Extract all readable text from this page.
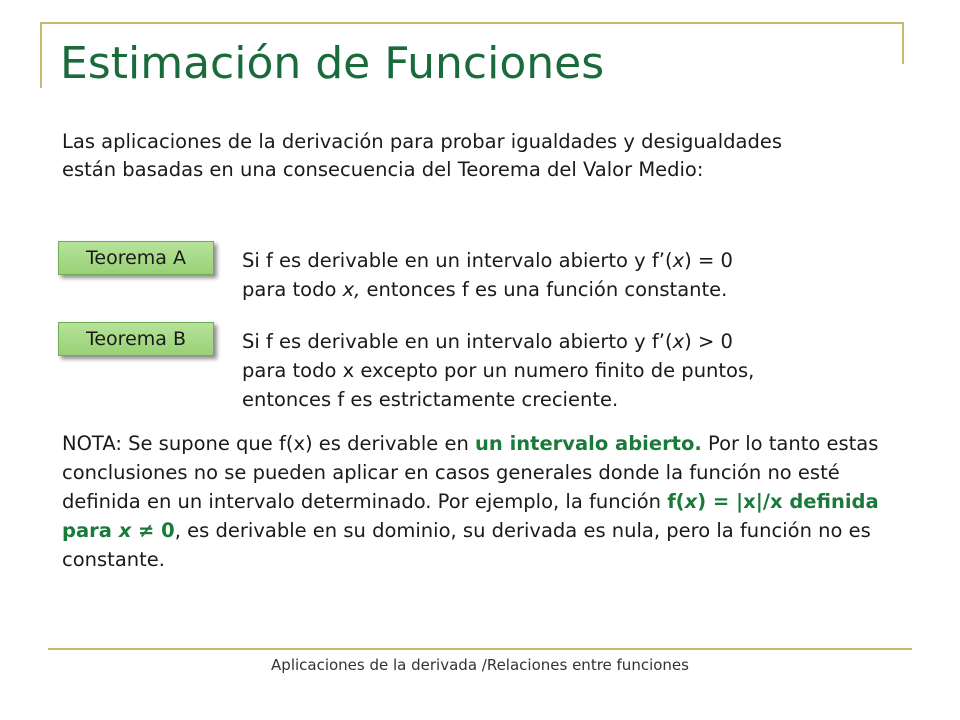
Estimación de Funciones
Las aplicaciones de la derivación para probar igualdades y desigualdades
están basadas en una consecuencia del Teorema del Valor Medio:
Teorema A	Si f es derivable en un intervalo abierto y f’(x) = 0
para todo x, entonces f es una función constante.
Teorema B	Si f es derivable en un intervalo abierto y f’(x) > 0
para todo x excepto por un numero finito de puntos,
entonces f es estrictamente creciente.
NOTA: Se supone que f(x) es derivable en un intervalo abierto. Por lo tanto estas conclusiones no se pueden aplicar en casos generales donde la función no esté definida en un intervalo determinado. Por ejemplo, la función f(x) = |x|/x definida para x ≠ 0, es derivable en su dominio, su derivada es nula, pero la función no es constante.
Aplicaciones de la derivada /Relaciones entre funciones
